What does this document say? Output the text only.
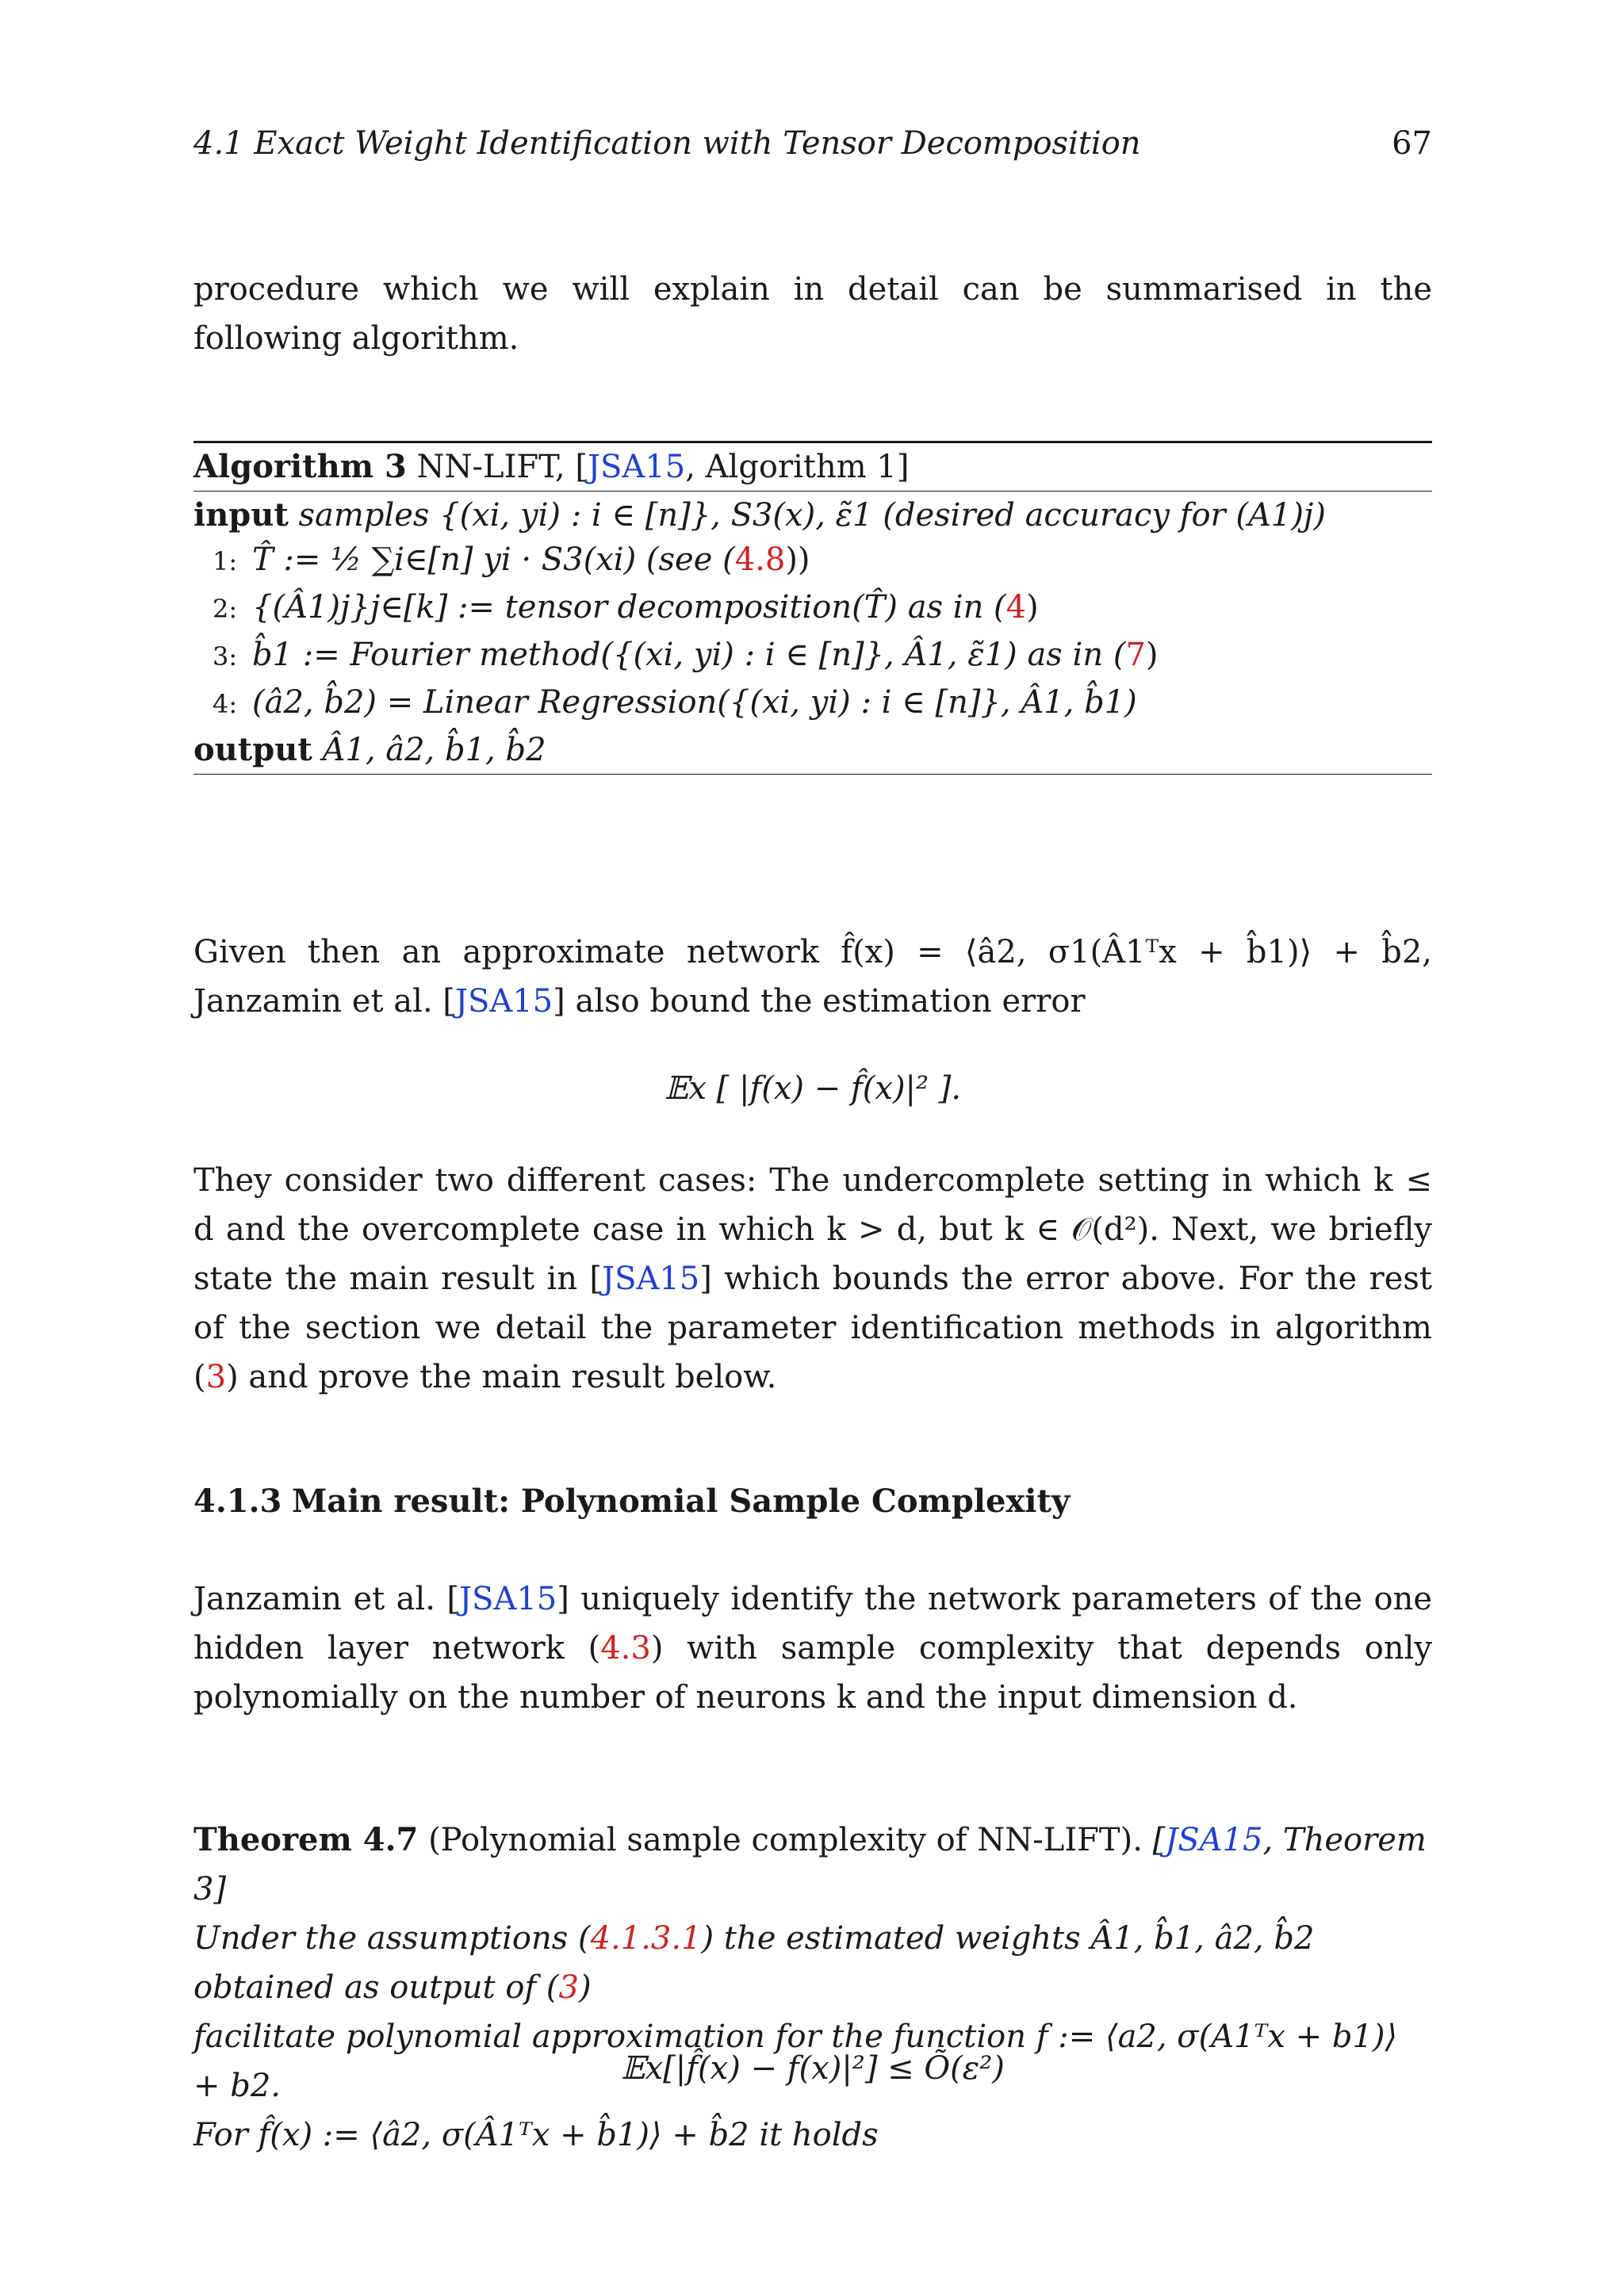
4.1 Exact Weight Identification with Tensor Decomposition	67
procedure which we will explain in detail can be summarised in the following algorithm.
Algorithm 3 NN-LIFT, [JSA15, Algorithm 1]
input samples {(xi, yi) : i ∈ [n]}, S3(x), ε̃1 (desired accuracy for (A1)j)
1: T̂ := ½ ∑i∈[n] yi · S3(xi) (see (4.8))
2: {(Â1)j}j∈[k] := tensor decomposition(T̂) as in (4)
3: b̂1 := Fourier method({(xi, yi) : i ∈ [n]}, Â1, ε̃1) as in (7)
4: (â2, b̂2) = Linear Regression({(xi, yi) : i ∈ [n]}, Â1, b̂1)
output Â1, â2, b̂1, b̂2
Given then an approximate network f̂(x) = ⟨â2, σ1(Â1ᵀx + b̂1)⟩ + b̂2, Janzamin et al. [JSA15] also bound the estimation error
𝔼x [ |f(x) − f̂(x)|² ].
They consider two different cases: The undercomplete setting in which k ≤ d and the overcomplete case in which k > d, but k ∈ 𝒪(d²). Next, we briefly state the main result in [JSA15] which bounds the error above. For the rest of the section we detail the parameter identification methods in algorithm (3) and prove the main result below.
4.1.3 Main result: Polynomial Sample Complexity
Janzamin et al. [JSA15] uniquely identify the network parameters of the one hidden layer network (4.3) with sample complexity that depends only polynomially on the number of neurons k and the input dimension d.
Theorem 4.7 (Polynomial sample complexity of NN-LIFT). [JSA15, Theorem 3]
Under the assumptions (4.1.3.1) the estimated weights Â1, b̂1, â2, b̂2 obtained as output of (3)
facilitate polynomial approximation for the function f := ⟨a2, σ(A1ᵀx + b1)⟩ + b2.
For f̂(x) := ⟨â2, σ(Â1ᵀx + b̂1)⟩ + b̂2 it holds
𝔼x[|f̂(x) − f(x)|²] ≤ Õ(ε²)
